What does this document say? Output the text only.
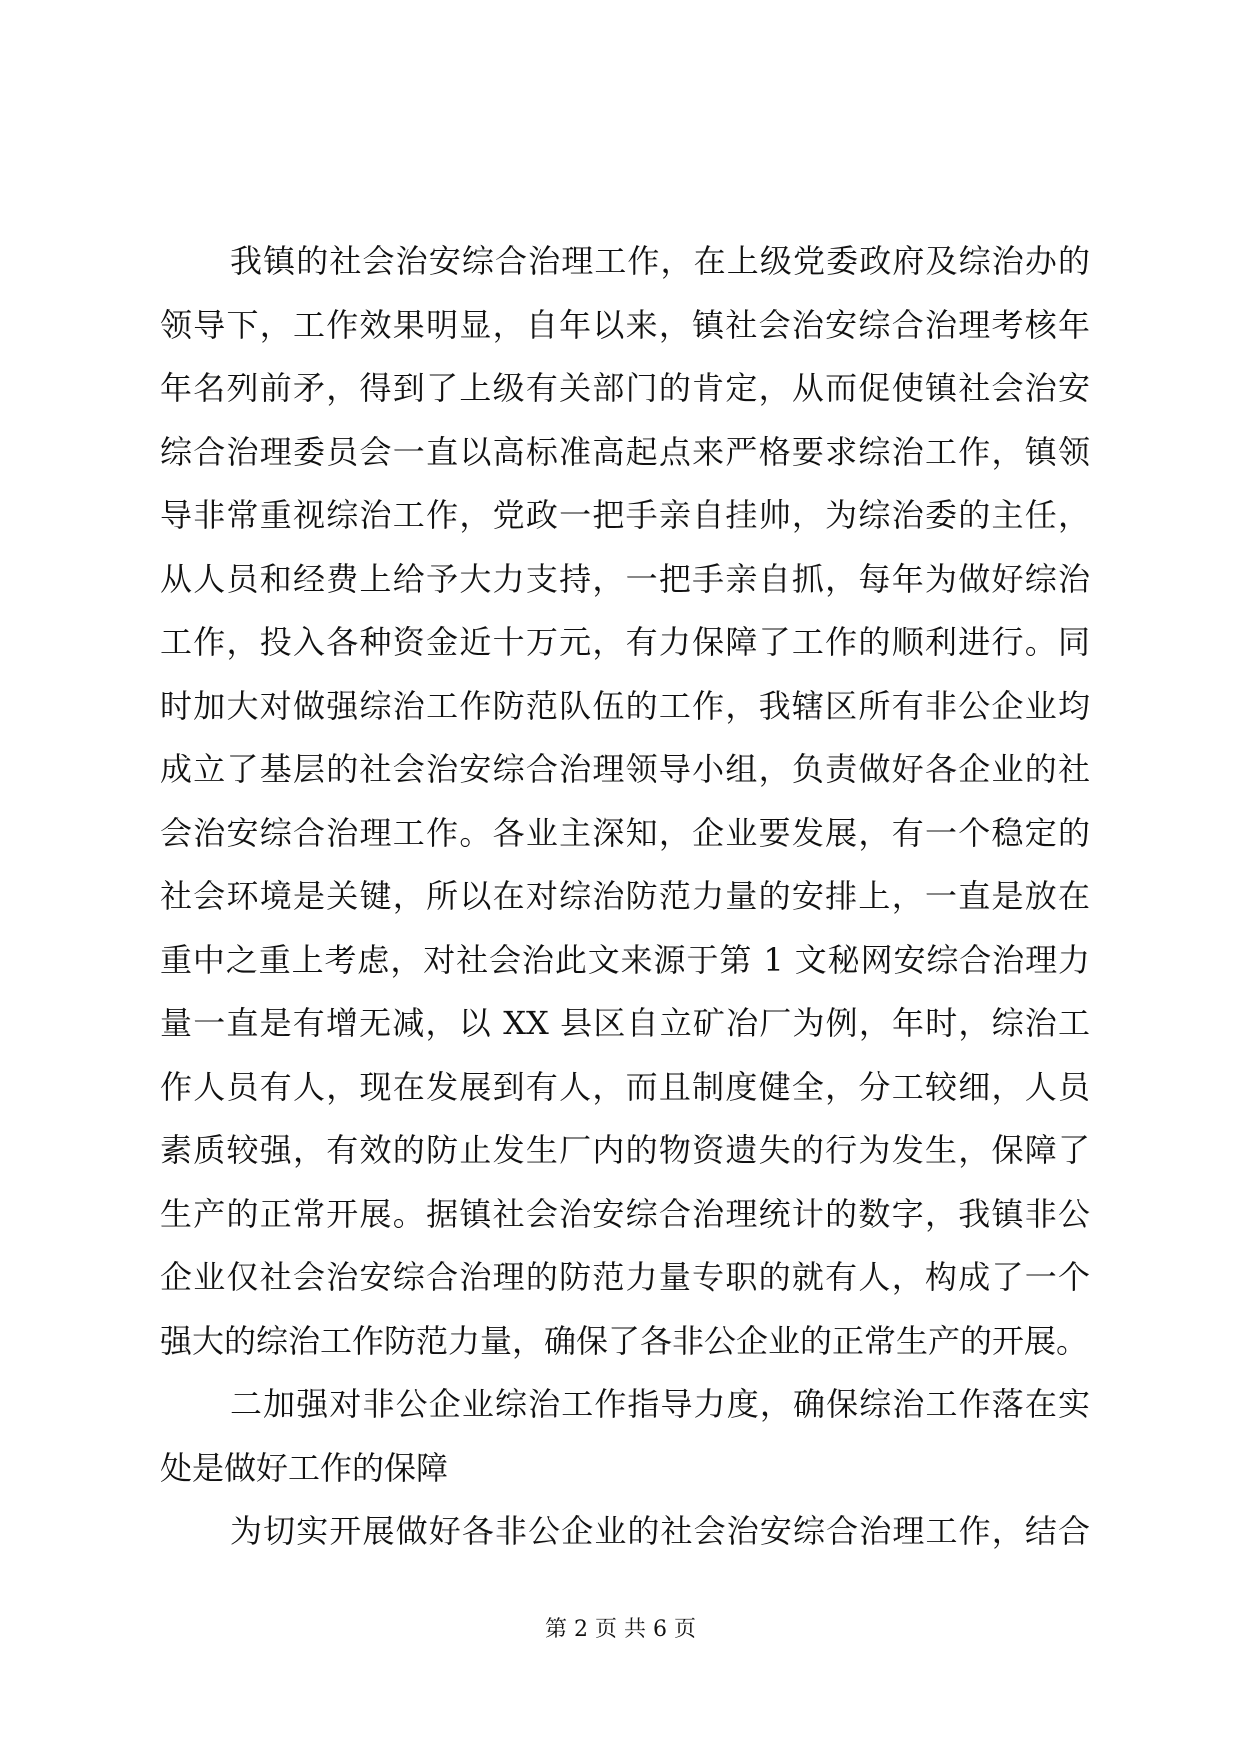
我镇的社会治安综合治理工作，在上级党委政府及综治办的
领导下，工作效果明显，自年以来，镇社会治安综合治理考核年
年名列前矛，得到了上级有关部门的肯定，从而促使镇社会治安
综合治理委员会一直以高标准高起点来严格要求综治工作，镇领
导非常重视综治工作，党政一把手亲自挂帅，为综治委的主任，
从人员和经费上给予大力支持，一把手亲自抓，每年为做好综治
工作，投入各种资金近十万元，有力保障了工作的顺利进行。同
时加大对做强综治工作防范队伍的工作，我辖区所有非公企业均
成立了基层的社会治安综合治理领导小组，负责做好各企业的社
会治安综合治理工作。各业主深知，企业要发展，有一个稳定的
社会环境是关键，所以在对综治防范力量的安排上，一直是放在
重中之重上考虑，对社会治此文来源于第 1 文秘网安综合治理力
量一直是有增无减，以 XX 县区自立矿冶厂为例，年时，综治工
作人员有人，现在发展到有人，而且制度健全，分工较细，人员
素质较强，有效的防止发生厂内的物资遗失的行为发生，保障了
生产的正常开展。据镇社会治安综合治理统计的数字，我镇非公
企业仅社会治安综合治理的防范力量专职的就有人，构成了一个
强大的综治工作防范力量，确保了各非公企业的正常生产的开展。
二加强对非公企业综治工作指导力度，确保综治工作落在实
处是做好工作的保障
为切实开展做好各非公企业的社会治安综合治理工作，结合
第 2 页 共 6 页
